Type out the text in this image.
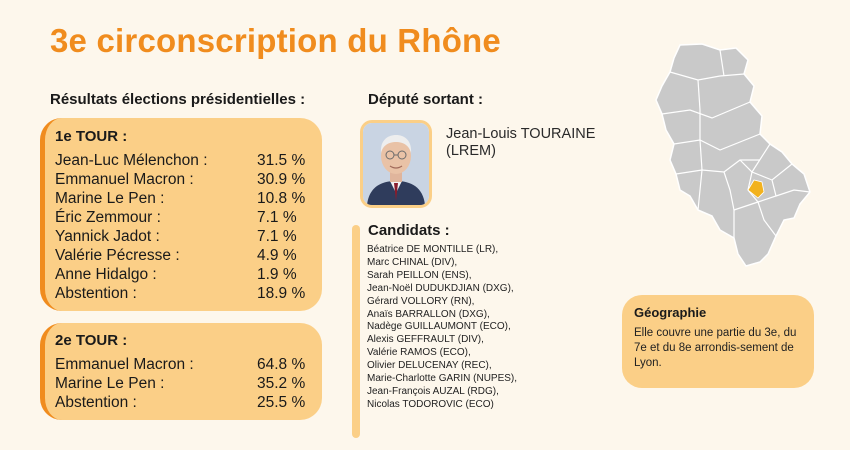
3e circonscription du Rhône
Résultats élections présidentielles :
1e TOUR :
Jean-Luc Mélenchon :	31.5 %
Emmanuel Macron :	30.9 %
Marine Le Pen :	10.8 %
Éric Zemmour :	7.1 %
Yannick Jadot :	7.1 %
Valérie Pécresse :	4.9 %
Anne Hidalgo :	1.9 %
Abstention :	18.9 %
2e TOUR :
Emmanuel Macron :	64.8 %
Marine Le Pen :	35.2 %
Abstention :	25.5 %
Député sortant :
Jean-Louis TOURAINE
(LREM)
Candidats :
Béatrice DE MONTILLE (LR),
Marc CHINAL (DIV),
Sarah PEILLON (ENS),
Jean-Noël DUDUKDJIAN (DXG),
Gérard VOLLORY (RN),
Anaïs BARRALLON (DXG),
Nadège GUILLAUMONT (ECO),
Alexis GEFFRAULT (DIV),
Valérie RAMOS (ECO),
Olivier DELUCENAY (REC),
Marie-Charlotte GARIN (NUPES),
Jean-François AUZAL (RDG),
Nicolas TODOROVIC (ECO)
Géographie
Elle couvre une partie du 3e, du 7e et du 8e arrondis-sement de Lyon.
